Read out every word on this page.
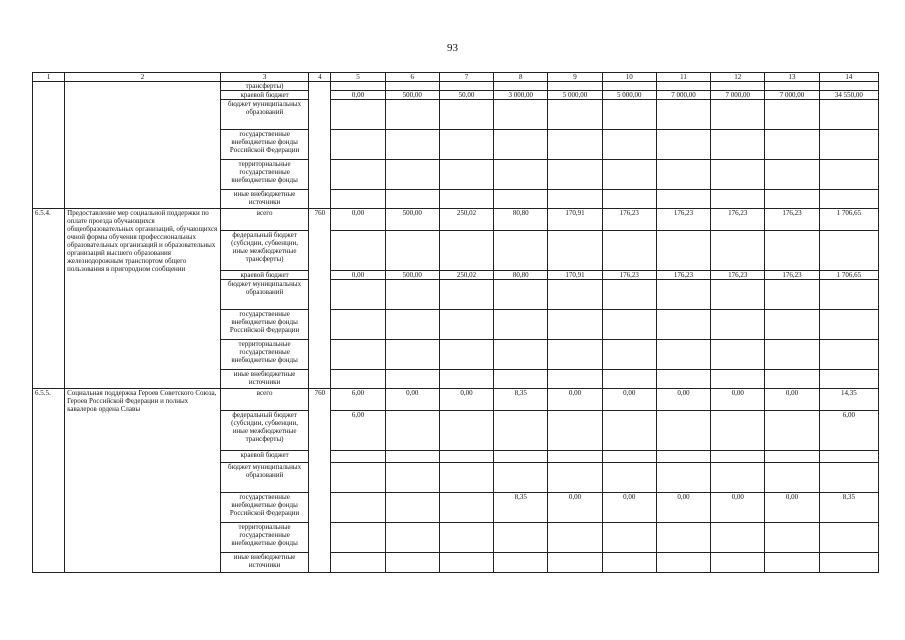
93
1	2	3	4	5	6	7	8	9	10	11	12	13	14
		трансферты)											
		краевой бюджет		0,00	500,00	50,00	3 000,00	5 000,00	5 000,00	7 000,00	7 000,00	7 000,00	34 550,00
		бюджет муниципальных образований											
		государственные внебюджетные фонды Российской Федерации											
		территориальные государственные внебюджетные фонды											
		иные внебюджетные источники											
6.5.4.	Предоставление мер социальной поддержки по оплате проезда обучающихся общеобразовательных организаций, обучающихся очной формы обучения профессиональных образовательных организаций и образовательных организаций высшего образования железнодорожным транспортом общего пользования в пригородном сообщении	всего	760	0,00	500,00	250,02	80,80	170,91	176,23	176,23	176,23	176,23	1 706,65
		федеральный бюджет (субсидии, субвенции, иные межбюджетные трансферты)											
		краевой бюджет		0,00	500,00	250,02	80,80	170,91	176,23	176,23	176,23	176,23	1 706,65
		бюджет муниципальных образований											
		государственные внебюджетные фонды Российской Федерации											
		территориальные государственные внебюджетные фонды											
		иные внебюджетные источники											
6.5.5.	Социальная поддержка Героев Советского Союза, Героев Российской Федерации и полных кавалеров ордена Славы	всего	760	6,00	0,00	0,00	8,35	0,00	0,00	0,00	0,00	0,00	14,35
		федеральный бюджет (субсидии, субвенции, иные межбюджетные трансферты)		6,00									6,00
		краевой бюджет											
		бюджет муниципальных образований											
		государственные внебюджетные фонды Российской Федерации					8,35	0,00	0,00	0,00	0,00	0,00	8,35
		территориальные государственные внебюджетные фонды											
		иные внебюджетные источники											
